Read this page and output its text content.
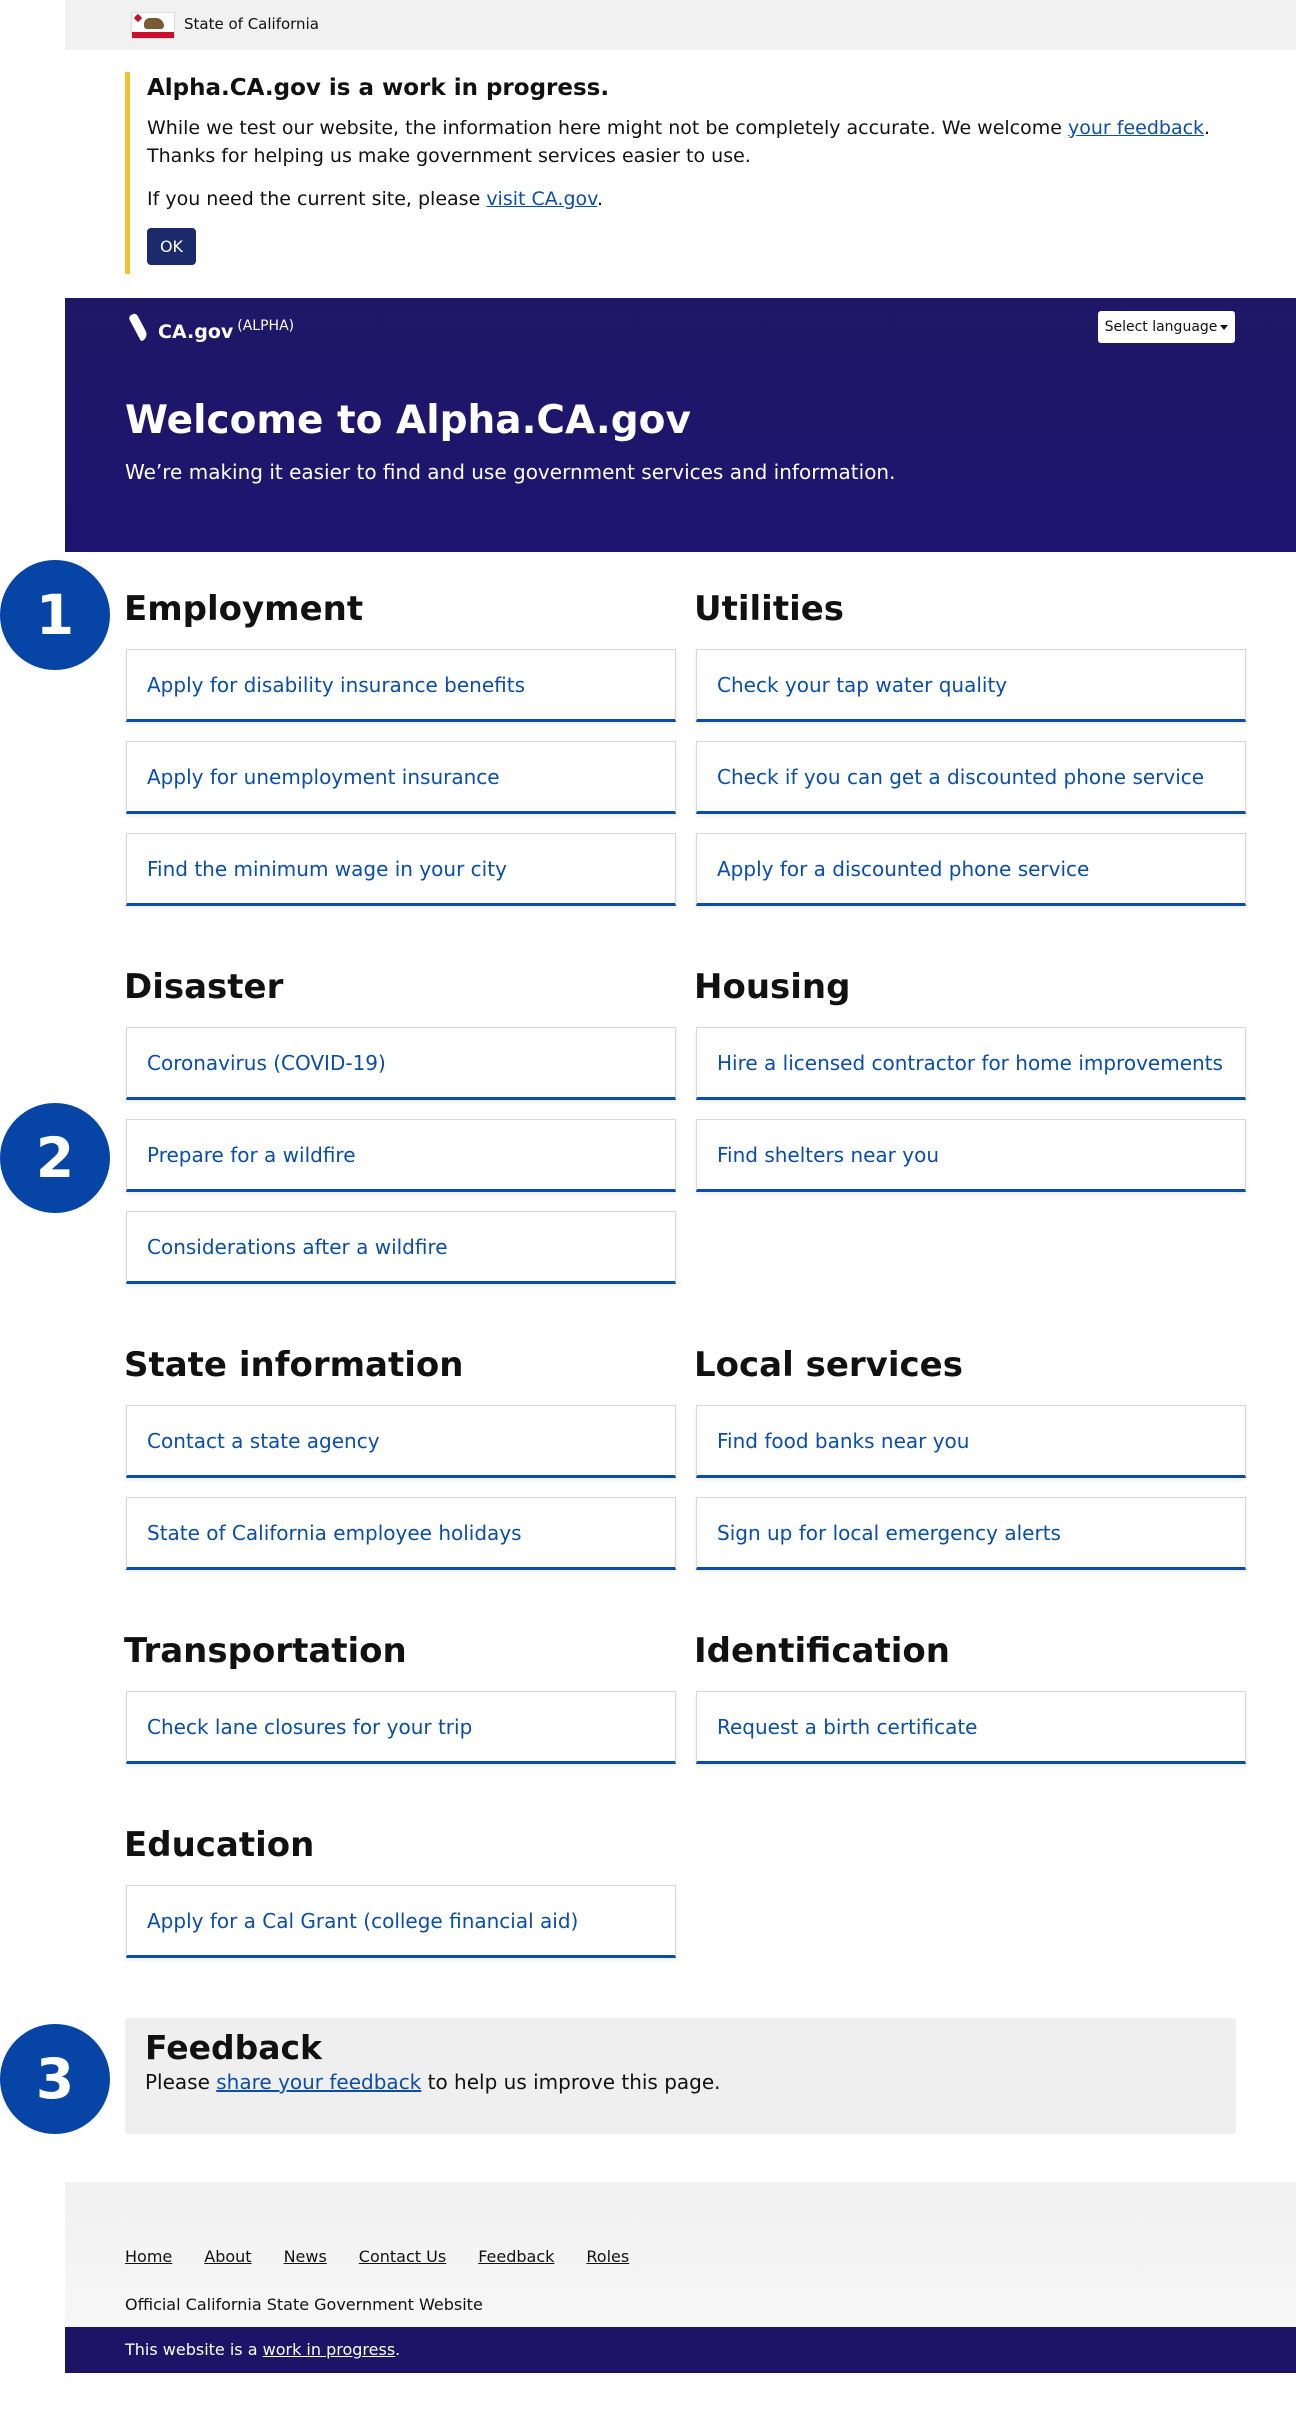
State of California
Alpha.CA.gov is a work in progress.

While we test our website, the information here might not be completely accurate. We welcome your feedback. Thanks for helping us make government services easier to use.

If you need the current site, please visit CA.gov.

OK
CA.gov (ALPHA)	Select language
Welcome to Alpha.CA.gov

We’re making it easier to find and use government services and information.

Employment
Apply for disability insurance benefits
Apply for unemployment insurance
Find the minimum wage in your city
Utilities
Check your tap water quality
Check if you can get a discounted phone service
Apply for a discounted phone service
Disaster
Coronavirus (COVID-19)
Prepare for a wildfire
Considerations after a wildfire
Housing
Hire a licensed contractor for home improvements
Find shelters near you
State information
Contact a state agency
State of California employee holidays
Local services
Find food banks near you
Sign up for local emergency alerts
Transportation
Check lane closures for your trip
Identification
Request a birth certificate
Education
Apply for a Cal Grant (college financial aid)
Feedback

Please share your feedback to help us improve this page.

Home About News Contact Us Feedback Roles
Official California State Government Website

This website is a work in progress.

1
2
3
